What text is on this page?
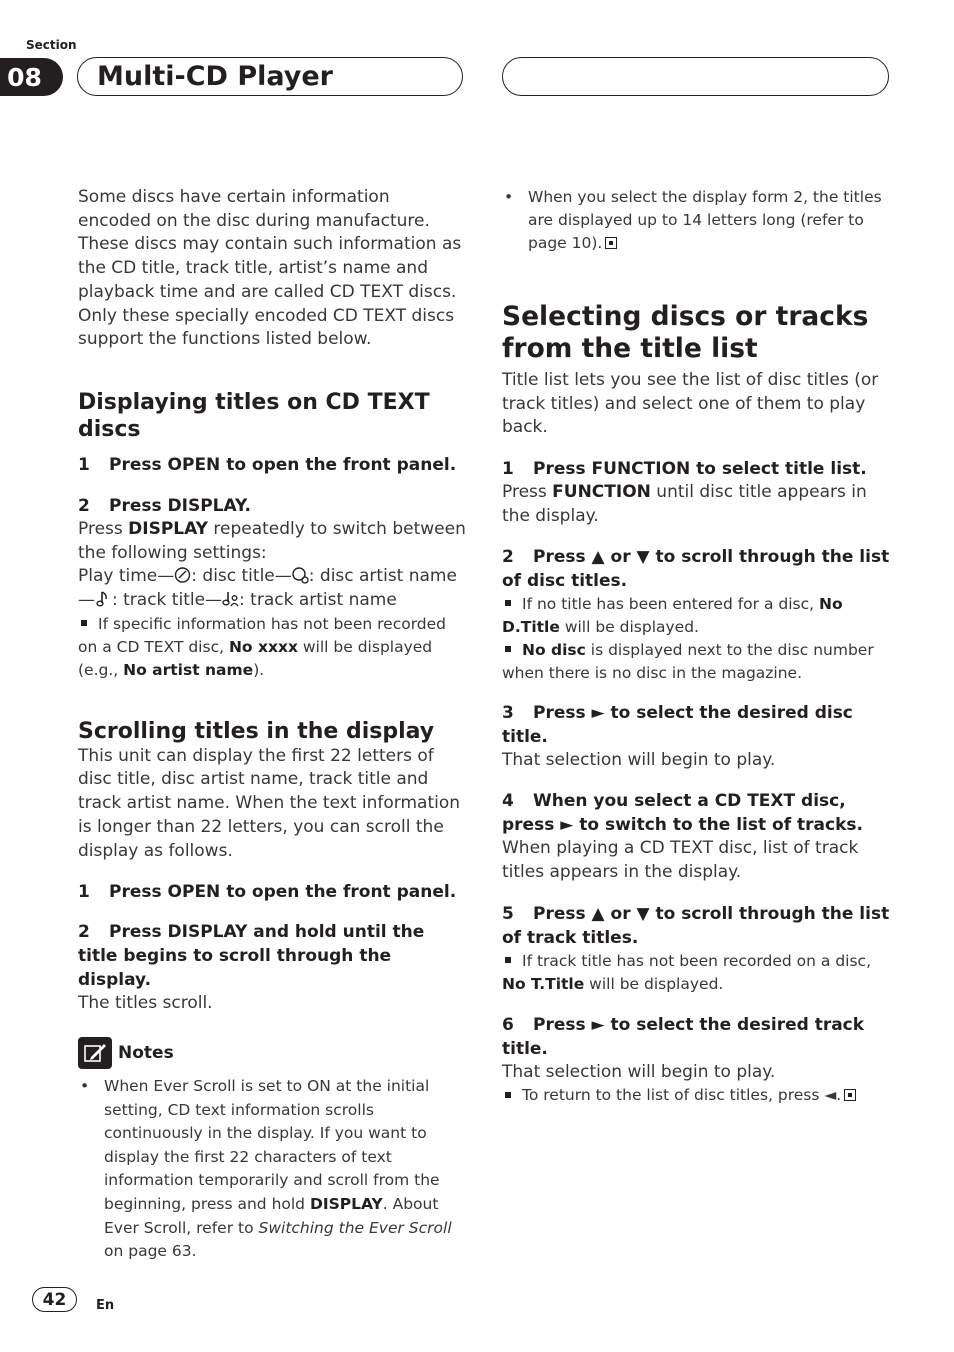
Section
08	Multi-CD Player

Some discs have certain information encoded on the disc during manufacture. These discs may contain such information as the CD title, track title, artist’s name and playback time and are called CD TEXT discs. Only these specially encoded CD TEXT discs support the functions listed below.

Displaying titles on CD TEXT discs

1 Press OPEN to open the front panel.

2 Press DISPLAY.

Press DISPLAY repeatedly to switch between the following settings:

Play time— : disc title— : disc artist name
— : track title— : track artist name

If specific information has not been recorded on a CD TEXT disc, No xxxx will be displayed (e.g., No artist name).

Scrolling titles in the display

This unit can display the first 22 letters of disc title, disc artist name, track title and track artist name. When the text information is longer than 22 letters, you can scroll the display as follows.

1 Press OPEN to open the front panel.

2 Press DISPLAY and hold until the title begins to scroll through the display.

The titles scroll.

Notes

• When Ever Scroll is set to ON at the initial setting, CD text information scrolls continuously in the display. If you want to display the first 22 characters of text information temporarily and scroll from the beginning, press and hold DISPLAY. About Ever Scroll, refer to Switching the Ever Scroll on page 63.

• When you select the display form 2, the titles are displayed up to 14 letters long (refer to page 10).

Selecting discs or tracks from the title list

Title list lets you see the list of disc titles (or track titles) and select one of them to play back.

1 Press FUNCTION to select title list.

Press FUNCTION until disc title appears in the display.

2 Press ▲ or ▼ to scroll through the list of disc titles.

If no title has been entered for a disc, No D.Title will be displayed.

No disc is displayed next to the disc number when there is no disc in the magazine.

3 Press ► to select the desired disc title.

That selection will begin to play.

4 When you select a CD TEXT disc, press ► to switch to the list of tracks.

When playing a CD TEXT disc, list of track titles appears in the display.

5 Press ▲ or ▼ to scroll through the list of track titles.

If track title has not been recorded on a disc, No T.Title will be displayed.

6 Press ► to select the desired track title.

That selection will begin to play.

To return to the list of disc titles, press ◄.

42	En
